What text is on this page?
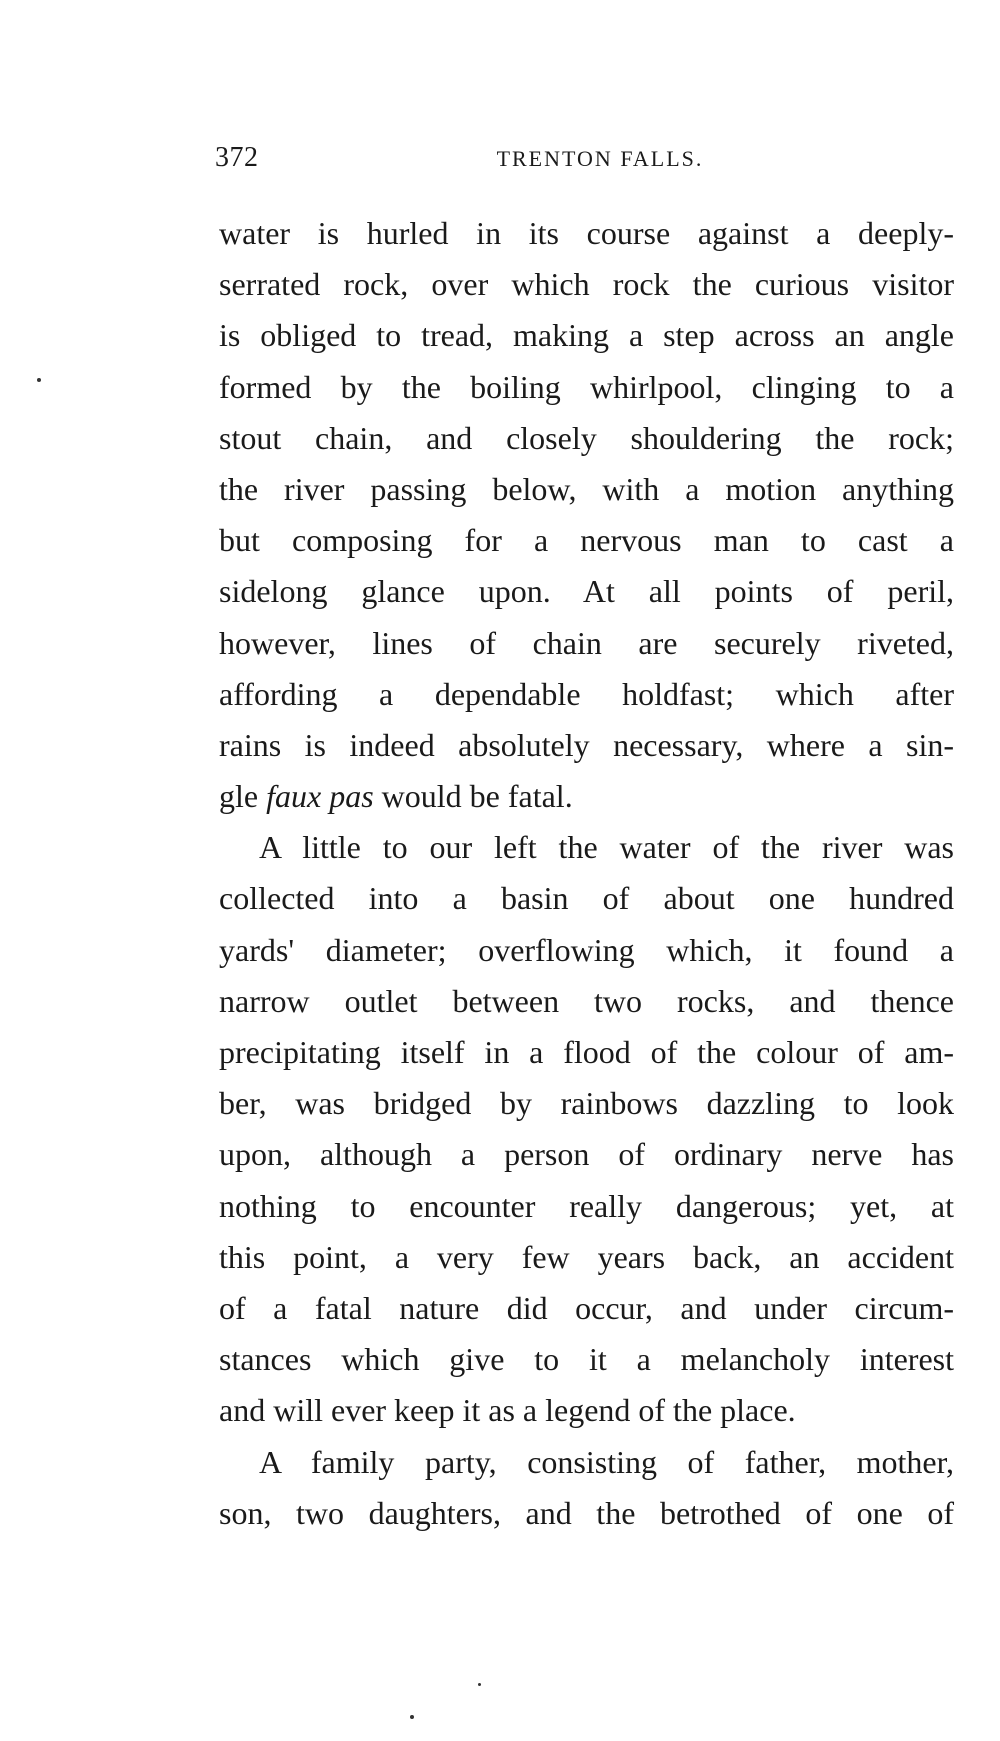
372	TRENTON FALLS.
water is hurled in its course against a deeply-
serrated rock, over which rock the curious visitor
is obliged to tread, making a step across an angle
formed by the boiling whirlpool, clinging to a
stout chain, and closely shouldering the rock;
the river passing below, with a motion anything
but composing for a nervous man to cast a
sidelong glance upon. At all points of peril,
however, lines of chain are securely riveted,
affording a dependable holdfast; which after
rains is indeed absolutely necessary, where a sin-
gle faux pas would be fatal.
A little to our left the water of the river was
collected into a basin of about one hundred
yards' diameter; overflowing which, it found a
narrow outlet between two rocks, and thence
precipitating itself in a flood of the colour of am-
ber, was bridged by rainbows dazzling to look
upon, although a person of ordinary nerve has
nothing to encounter really dangerous; yet, at
this point, a very few years back, an accident
of a fatal nature did occur, and under circum-
stances which give to it a melancholy interest
and will ever keep it as a legend of the place.
A family party, consisting of father, mother,
son, two daughters, and the betrothed of one of
